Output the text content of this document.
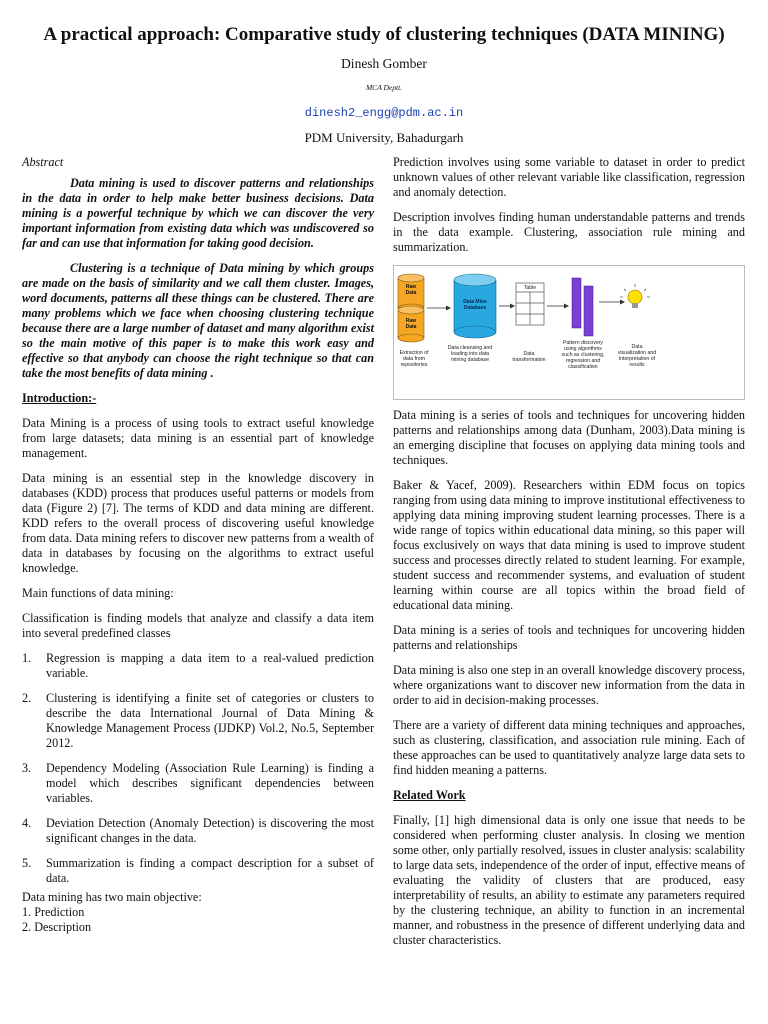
A practical approach: Comparative study of clustering techniques (DATA MINING)
Dinesh Gomber
MCA Deptt.
dinesh2_engg@pdm.ac.in
PDM University, Bahadurgarh
Abstract

Data mining is used to discover patterns and relationships in the data in order to help make better business decisions. Data mining is a powerful technique by which we can discover the very important information from existing data which was undiscovered so far and can use that information for taking good decision.

Clustering is a technique of Data mining by which groups are made on the basis of similarity and we call them cluster. Images, word documents, patterns all these things can be clustered. There are many problems which we face when choosing clustering technique because there are a large number of dataset and many algorithm exist so the main motive of this paper is to make this work easy and effective so that anybody can choose the right technique so that can take the most benefits of data mining .

Introduction:-

Data Mining is a process of using tools to extract useful knowledge from large datasets; data mining is an essential part of knowledge management.

Data mining is an essential step in the knowledge discovery in databases (KDD) process that produces useful patterns or models from data (Figure 2) [7]. The terms of KDD and data mining are different. KDD refers to the overall process of discovering useful knowledge from data. Data mining refers to discover new patterns from a wealth of data in databases by focusing on the algorithms to extract useful knowledge.

Main functions of data mining:

Classification is finding models that analyze and classify a data item into several predefined classes

1.	Regression is mapping a data item to a real-valued prediction variable.
2.	Clustering is identifying a finite set of categories or clusters to describe the data International Journal of Data Mining & Knowledge Management Process (IJDKP) Vol.2, No.5, September 2012.
3.	Dependency Modeling (Association Rule Learning) is finding a model which describes significant dependencies between variables.
4.	Deviation Detection (Anomaly Detection) is discovering the most significant changes in the data.
5.	Summarization is finding a compact description for a subset of data.

Data mining has two main objective:

1. Prediction

2. Description

Prediction involves using some variable to dataset in order to predict unknown values of other relevant variable like classification, regression and anomaly detection.

Description involves finding human understandable patterns and trends in the data example. Clustering, association rule mining and summarization.

Raw Data
Raw Data
Data Mine Database
Table
Extraction of data from repositories
Data cleansing and loading into data mining database
Data transformation
Pattern discovery using algorithms such as clustering, regression and classification
Data visualization and interpretation of results

Data mining is a series of tools and techniques for uncovering hidden patterns and relationships among data (Dunham, 2003).Data mining is an emerging discipline that focuses on applying data mining tools and techniques.

Baker & Yacef, 2009). Researchers within EDM focus on topics ranging from using data mining to improve institutional effectiveness to applying data mining improving student learning processes. There is a wide range of topics within educational data mining, so this paper will focus exclusively on ways that data mining is used to improve student success and processes directly related to student learning. For example, student success and recommender systems, and evaluation of student learning within course are all topics within the broad field of educational data mining.

Data mining is a series of tools and techniques for uncovering hidden patterns and relationships

Data mining is also one step in an overall knowledge discovery process, where organizations want to discover new information from the data in order to aid in decision-making processes.

There are a variety of different data mining techniques and approaches, such as clustering, classification, and association rule mining. Each of these approaches can be used to quantitatively analyze large data sets to find hidden meaning a patterns.

Related Work

Finally, [1] high dimensional data is only one issue that needs to be considered when performing cluster analysis. In closing we mention some other, only partially resolved, issues in cluster analysis: scalability to large data sets, independence of the order of input, effective means of evaluating the validity of clusters that are produced, easy interpretability of results, an ability to estimate any parameters required by the clustering technique, an ability to function in an incremental manner, and robustness in the presence of different underlying data and cluster characteristics.
